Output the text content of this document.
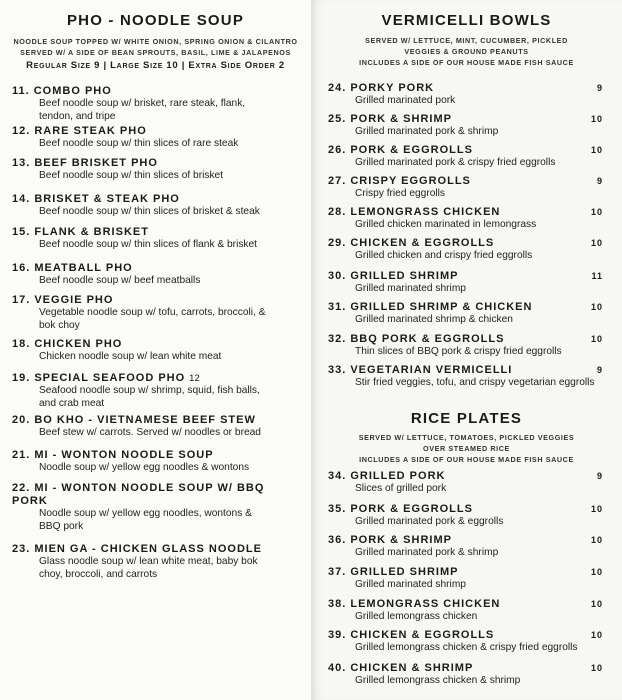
PHO - NOODLE SOUP
NOODLE SOUP TOPPED W/ WHITE ONION, SPRING ONION & CILANTRO
SERVED W/ A SIDE OF BEAN SPROUTS, BASIL, LIME & JALAPENOS
Regular Size 9 | Large Size 10 | Extra Side Order 2
11. COMBO PHO
Beef noodle soup w/ brisket, rare steak, flank, tendon, and tripe
12. RARE STEAK PHO
Beef noodle soup w/ thin slices of rare steak
13. BEEF BRISKET PHO
Beef noodle soup w/ thin slices of brisket
14. BRISKET & STEAK PHO
Beef noodle soup w/ thin slices of brisket & steak
15. FLANK & BRISKET
Beef noodle soup w/ thin slices of flank & brisket
16. MEATBALL PHO
Beef noodle soup w/ beef meatballs
17. VEGGIE PHO
Vegetable noodle soup w/ tofu, carrots, broccoli, & bok choy
18. CHICKEN PHO
Chicken noodle soup w/ lean white meat
19. SPECIAL SEAFOOD PHO 12
Seafood noodle soup w/ shrimp, squid, fish balls, and crab meat
20. BO KHO - VIETNAMESE BEEF STEW
Beef stew w/ carrots. Served w/ noodles or bread
21. MI - WONTON NOODLE SOUP
Noodle soup w/ yellow egg noodles & wontons
22. MI - WONTON NOODLE SOUP W/ BBQ PORK
Noodle soup w/ yellow egg noodles, wontons & BBQ pork
23. MIEN GA - CHICKEN GLASS NOODLE
Glass noodle soup w/ lean white meat, baby bok choy, broccoli, and carrots
VERMICELLI BOWLS
SERVED W/ LETTUCE, MINT, CUCUMBER, PICKLED
VEGGIES & GROUND PEANUTS
INCLUDES A SIDE OF OUR HOUSE MADE FISH SAUCE
24. PORKY PORK	9
Grilled marinated pork
25. PORK & SHRIMP	10
Grilled marinated pork & shrimp
26. PORK & EGGROLLS	10
Grilled marinated pork & crispy fried eggrolls
27. CRISPY EGGROLLS	9
Crispy fried eggrolls
28. LEMONGRASS CHICKEN	10
Grilled chicken marinated in lemongrass
29. CHICKEN & EGGROLLS	10
Grilled chicken and crispy fried eggrolls
30. GRILLED SHRIMP	11
Grilled marinated shrimp
31. GRILLED SHRIMP & CHICKEN	10
Grilled marinated shrimp & chicken
32. BBQ PORK & EGGROLLS	10
Thin slices of BBQ pork & crispy fried eggrolls
33. VEGETARIAN VERMICELLI	9
Stir fried veggies, tofu, and crispy vegetarian eggrolls
RICE PLATES
SERVED W/ LETTUCE, TOMATOES, PICKLED VEGGIES
OVER STEAMED RICE
INCLUDES A SIDE OF OUR HOUSE MADE FISH SAUCE
34. GRILLED PORK	9
Slices of grilled pork
35. PORK & EGGROLLS	10
Grilled marinated pork & eggrolls
36. PORK & SHRIMP	10
Grilled marinated pork & shrimp
37. GRILLED SHRIMP	10
Grilled marinated shrimp
38. LEMONGRASS CHICKEN	10
Grilled lemongrass chicken
39. CHICKEN & EGGROLLS	10
Grilled lemongrass chicken & crispy fried eggrolls
40. CHICKEN & SHRIMP	10
Grilled lemongrass chicken & shrimp
